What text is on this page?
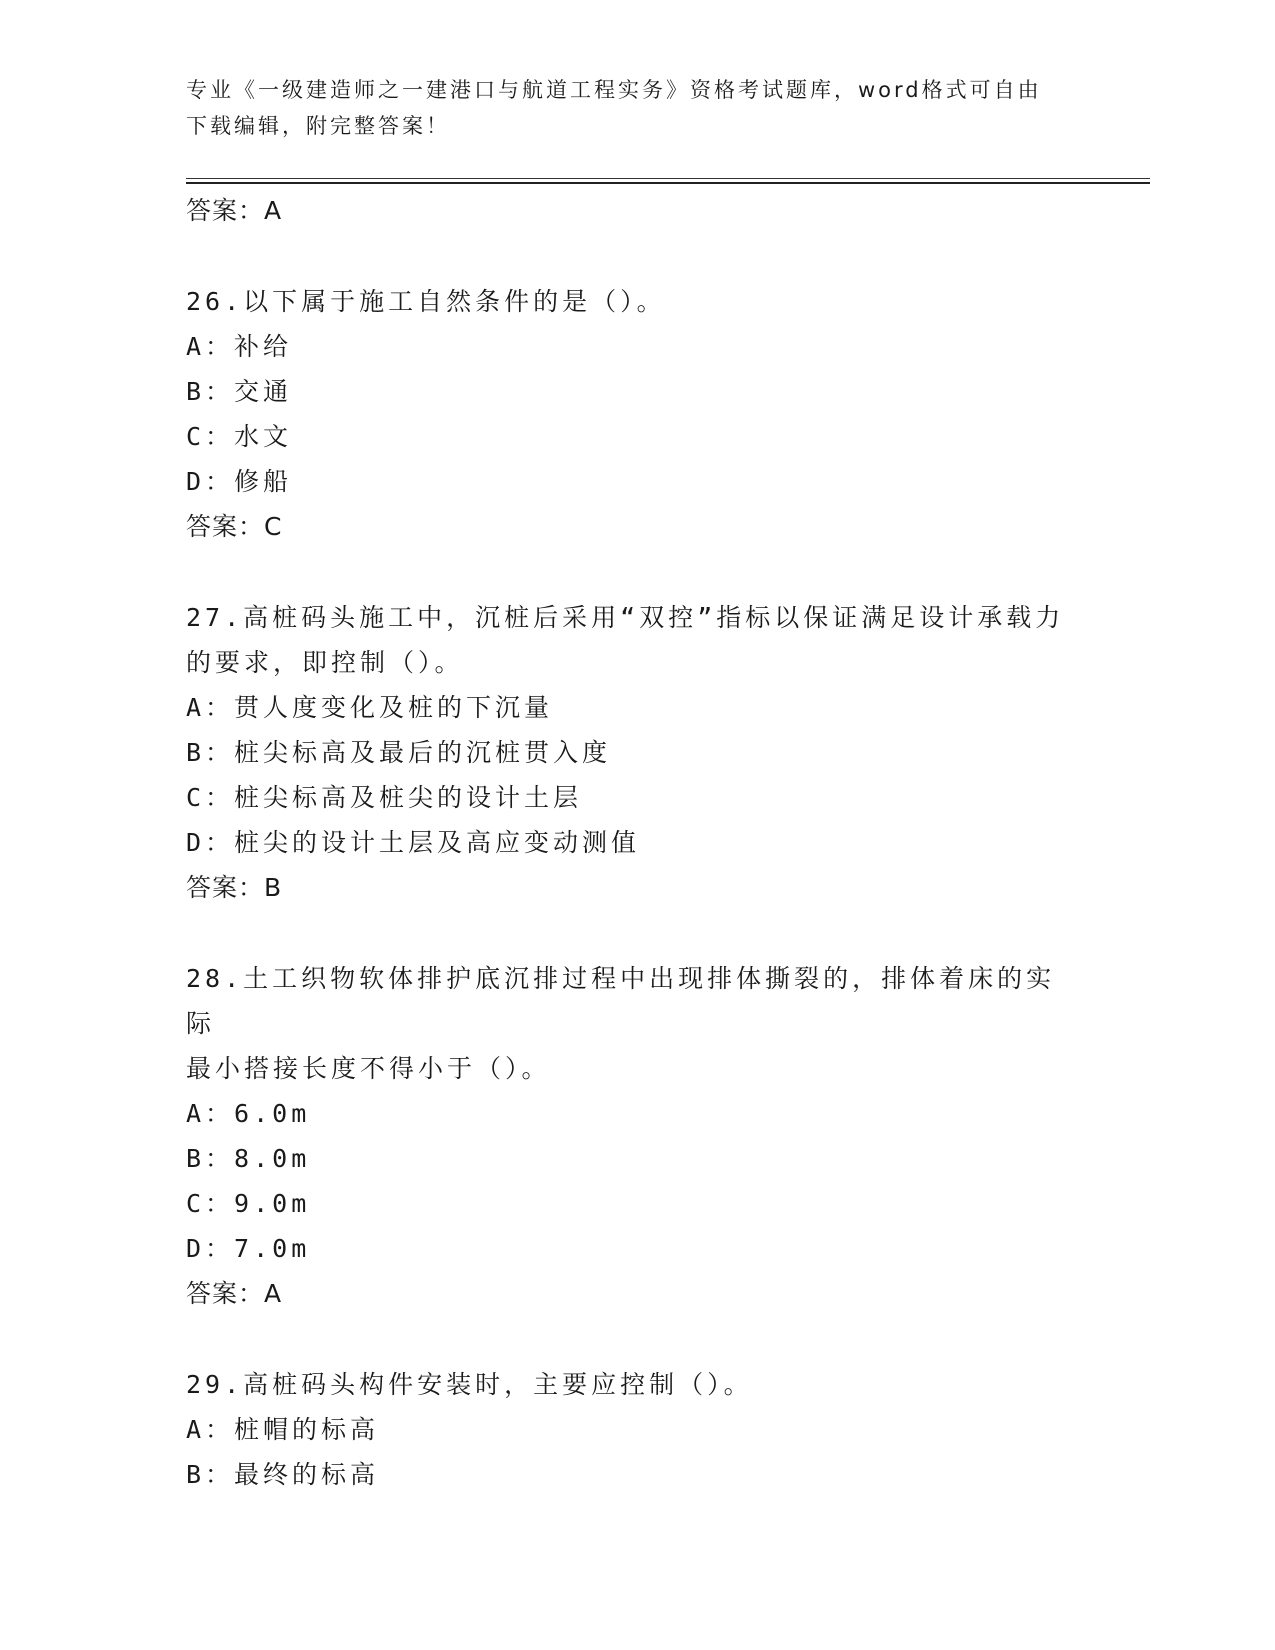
专业《一级建造师之一建港口与航道工程实务》资格考试题库，word格式可自由
下载编辑，附完整答案！
答案：A
26.以下属于施工自然条件的是（）。
A：补给
B：交通
C：水文
D：修船
答案：C
27.高桩码头施工中，沉桩后采用“双控”指标以保证满足设计承载力
的要求，即控制（）。
A：贯人度变化及桩的下沉量
B：桩尖标高及最后的沉桩贯入度
C：桩尖标高及桩尖的设计土层
D：桩尖的设计土层及高应变动测值
答案：B
28.土工织物软体排护底沉排过程中出现排体撕裂的，排体着床的实际
最小搭接长度不得小于（）。
A：6.0m
B：8.0m
C：9.0m
D：7.0m
答案：A
29.高桩码头构件安装时，主要应控制（）。
A：桩帽的标高
B：最终的标高
